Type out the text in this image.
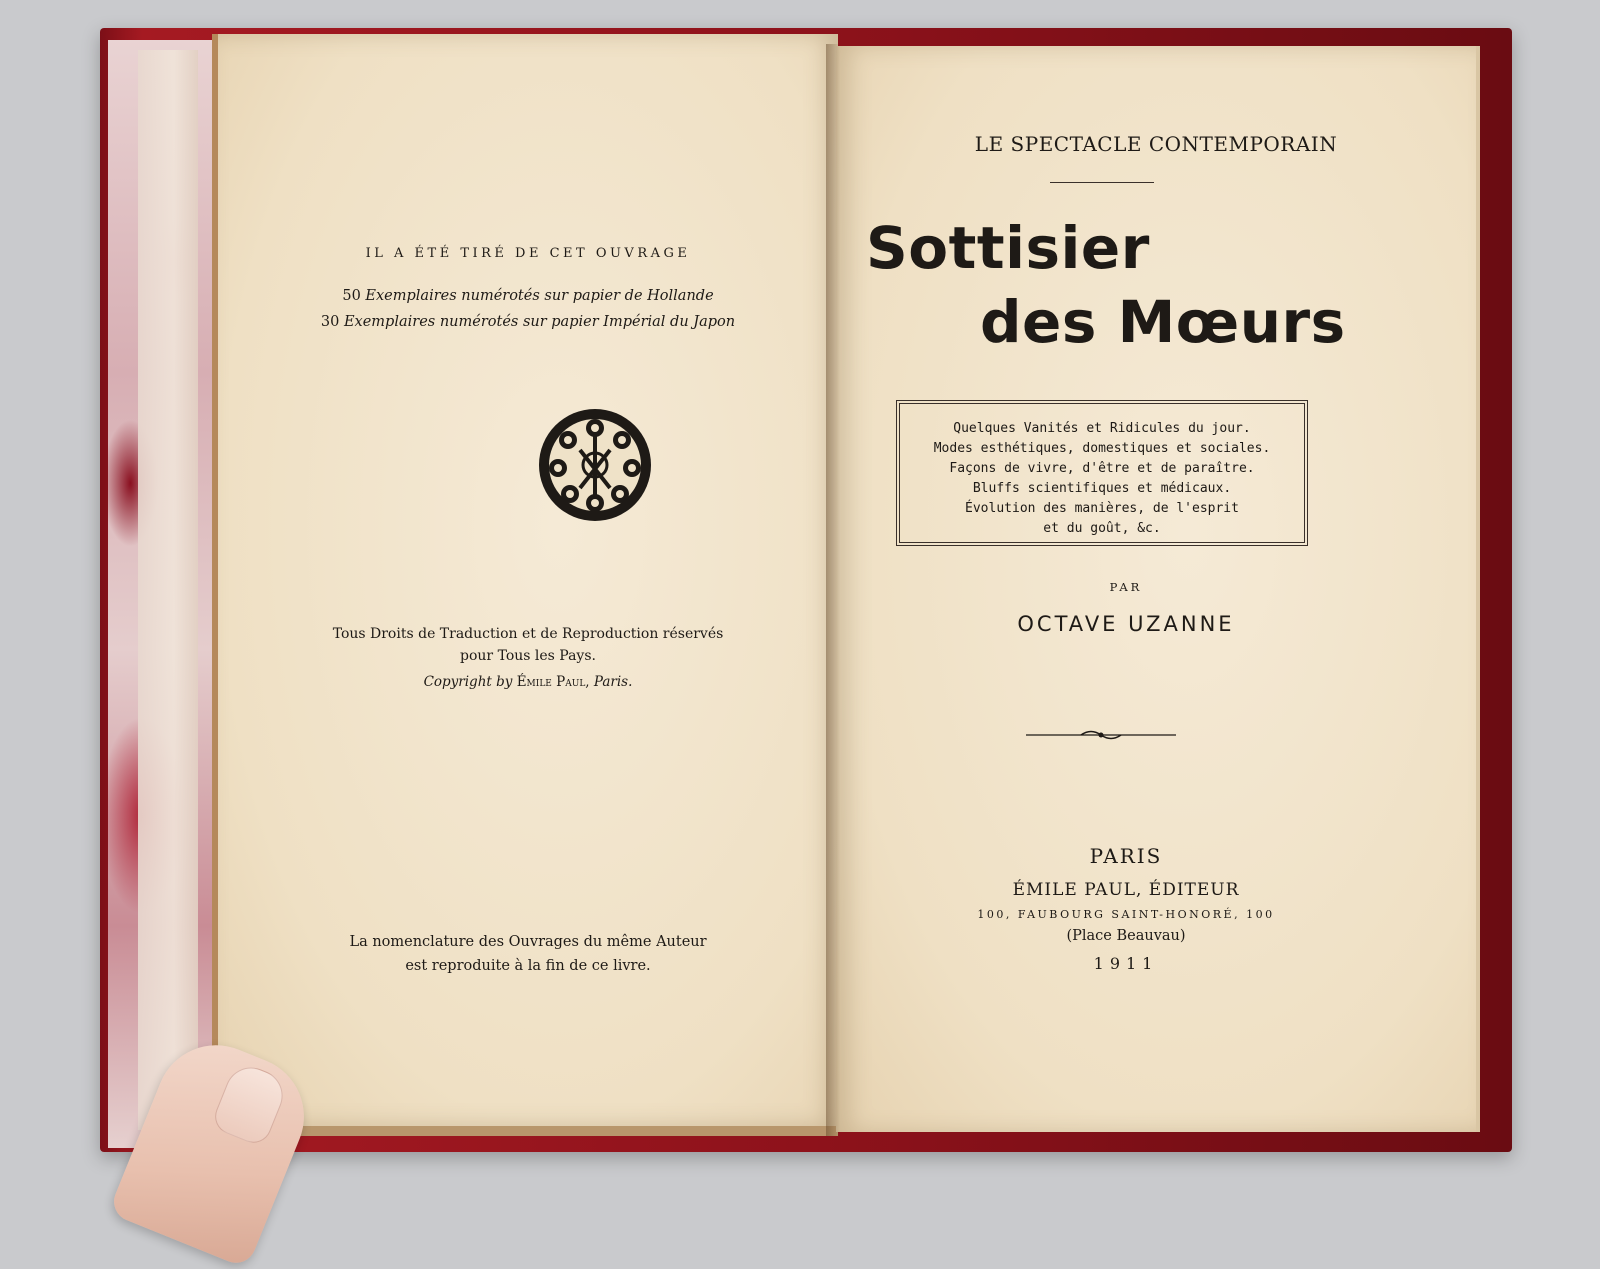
IL A ÉTÉ TIRÉ DE CET OUVRAGE
50 Exemplaires numérotés sur papier de Hollande
30 Exemplaires numérotés sur papier Impérial du Japon
Tous Droits de Traduction et de Reproduction réservés
pour Tous les Pays.
Copyright by Émile Paul, Paris.
La nomenclature des Ouvrages du même Auteur
est reproduite à la fin de ce livre.
LE SPECTACLE CONTEMPORAIN
Sottisier
des Mœurs
Quelques Vanités et Ridicules du jour.
Modes esthétiques, domestiques et sociales.
Façons de vivre, d'être et de paraître.
Bluffs scientifiques et médicaux.
Évolution des manières, de l'esprit
et du goût, &c.
PAR
OCTAVE UZANNE
PARIS
ÉMILE PAUL, ÉDITEUR
100, FAUBOURG SAINT-HONORÉ, 100
(Place Beauvau)
1911
